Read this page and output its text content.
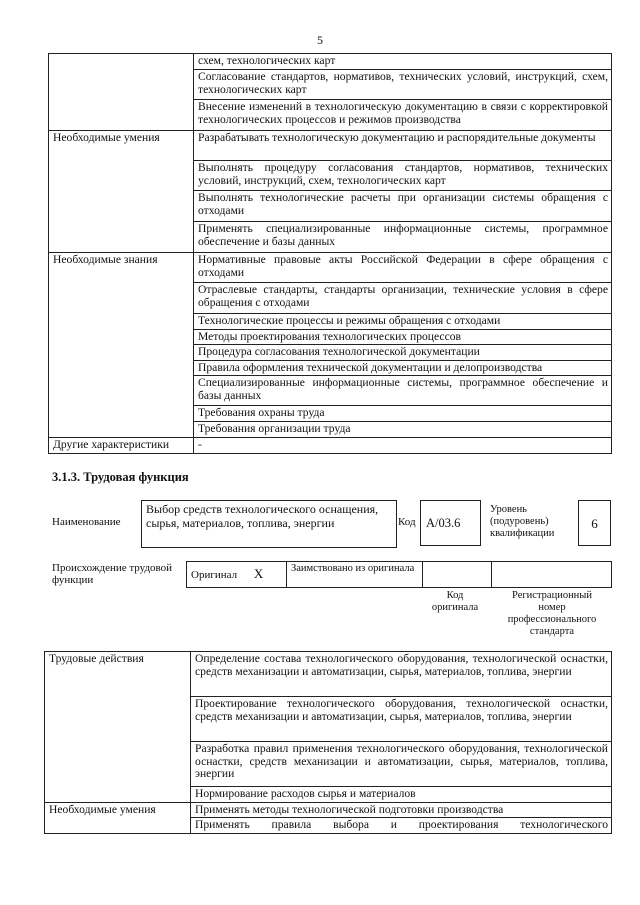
5
	схем, технологических карт
	Согласование стандартов, нормативов, технических условий, инструкций, схем, технологических карт
	Внесение изменений в технологическую документацию в связи с корректировкой технологических процессов и режимов производства
Необходимые умения	Разрабатывать технологическую документацию и распорядительные документы
	Выполнять процедуру согласования стандартов, нормативов, технических условий, инструкций, схем, технологических карт
	Выполнять технологические расчеты при организации системы обращения с отходами
	Применять специализированные информационные системы, программное обеспечение и базы данных
Необходимые знания	Нормативные правовые акты Российской Федерации в сфере обращения с отходами
	Отраслевые стандарты, стандарты организации, технические условия в сфере обращения с отходами
	Технологические процессы и режимы обращения с отходами
	Методы проектирования технологических процессов
	Процедура согласования технологической документации
	Правила оформления технической документации и делопроизводства
	Специализированные информационные системы, программное обеспечение и базы данных
	Требования охраны труда
	Требования организации труда
Другие характеристики	-
3.1.3. Трудовая функция
Наименование
Выбор средств технологического оснащения, сырья, материалов, топлива, энергии	Код А/03.6
Уровень (подуровень) квалификации
6
Происхождение трудовой функции	Оригинал X	Заимствовано из оригинала		
Код оригинала
Регистрационный номер профессионального стандарта
Трудовые действия	Определение состава технологического оборудования, технологической оснастки, средств механизации и автоматизации, сырья, материалов, топлива, энергии
	Проектирование технологического оборудования, технологической оснастки, средств механизации и автоматизации, сырья, материалов, топлива, энергии
	Разработка правил применения технологического оборудования, технологической оснастки, средств механизации и автоматизации, сырья, материалов, топлива, энергии
	Нормирование расходов сырья и материалов
Необходимые умения	Применять методы технологической подготовки производства
	Применять правила выбора и проектирования технологического
